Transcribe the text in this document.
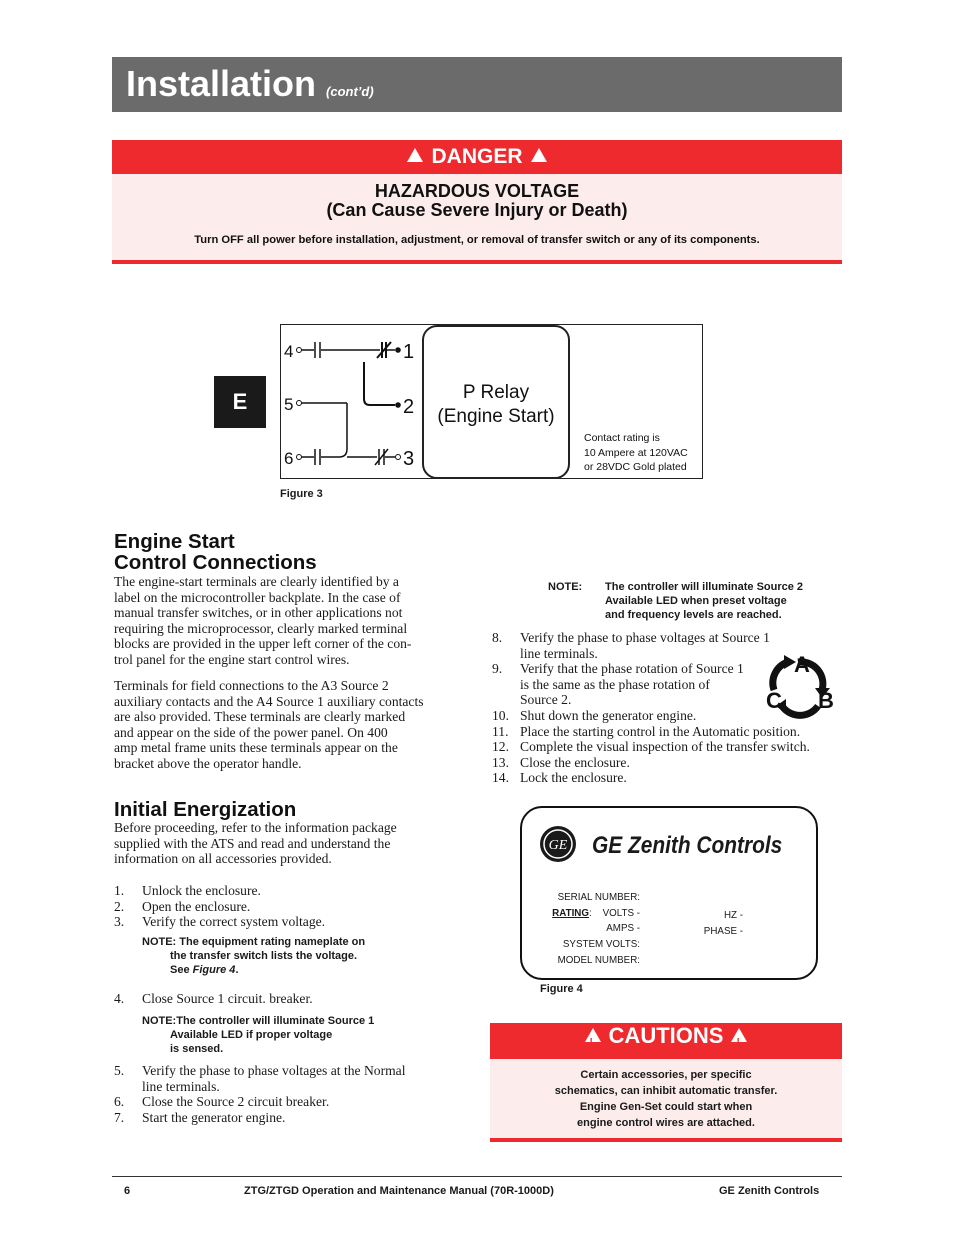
Installation (cont’d)
!DANGER!
HAZARDOUS VOLTAGE
(Can Cause Severe Injury or Death)
Turn OFF all power before installation, adjustment, or removal of transfer switch or any of its components.
E
4	1
5	2
6	3
P Relay
(Engine Start)
Contact rating is
10 Ampere at 120VAC
or 28VDC Gold plated
Figure 3
Engine Start
Control Connections
The engine-start terminals are clearly identified by a
label on the microcontroller backplate. In the case of
manual transfer switches, or in other applications not
requiring the microprocessor, clearly marked terminal
blocks are provided in the upper left corner of the con-
trol panel for the engine start control wires.
Terminals for field connections to the A3 Source 2
auxiliary contacts and the A4 Source 1 auxiliary contacts
are also provided. These terminals are clearly marked
and appear on the side of the power panel. On 400
amp metal frame units these terminals appear on the
bracket above the operator handle.
Initial Energization
Before proceeding, refer to the information package
supplied with the ATS and read and understand the
information on all accessories provided.
1. Unlock the enclosure.
2. Open the enclosure.
3. Verify the correct system voltage.
NOTE: The equipment rating nameplate on
the transfer switch lists the voltage.
See Figure 4.
4. Close Source 1 circuit. breaker.
NOTE:The controller will illuminate Source 1
Available LED if proper voltage
is sensed.
5. Verify the phase to phase voltages at the Normal
line terminals.
6. Close the Source 2 circuit breaker.
7. Start the generator engine.
NOTE: The controller will illuminate Source 2
Available LED when preset voltage
and frequency levels are reached.
8. Verify the phase to phase voltages at Source 1
line terminals.
9. Verify that the phase rotation of Source 1
is the same as the phase rotation of
Source 2.
10. Shut down the generator engine.
11. Place the starting control in the Automatic position.
12. Complete the visual inspection of the transfer switch.
13. Close the enclosure.
14. Lock the enclosure.
A
B
C
GE GE Zenith Controls
SERIAL NUMBER:
RATING:    VOLTS -
AMPS -
SYSTEM VOLTS:
MODEL NUMBER:
HZ -
PHASE -
Figure 4
!CAUTIONS!
Certain accessories, per specific
schematics, can inhibit automatic transfer.
Engine Gen-Set could start when
engine control wires are attached.
6	ZTG/ZTGD Operation and Maintenance Manual (70R-1000D)	GE Zenith Controls
